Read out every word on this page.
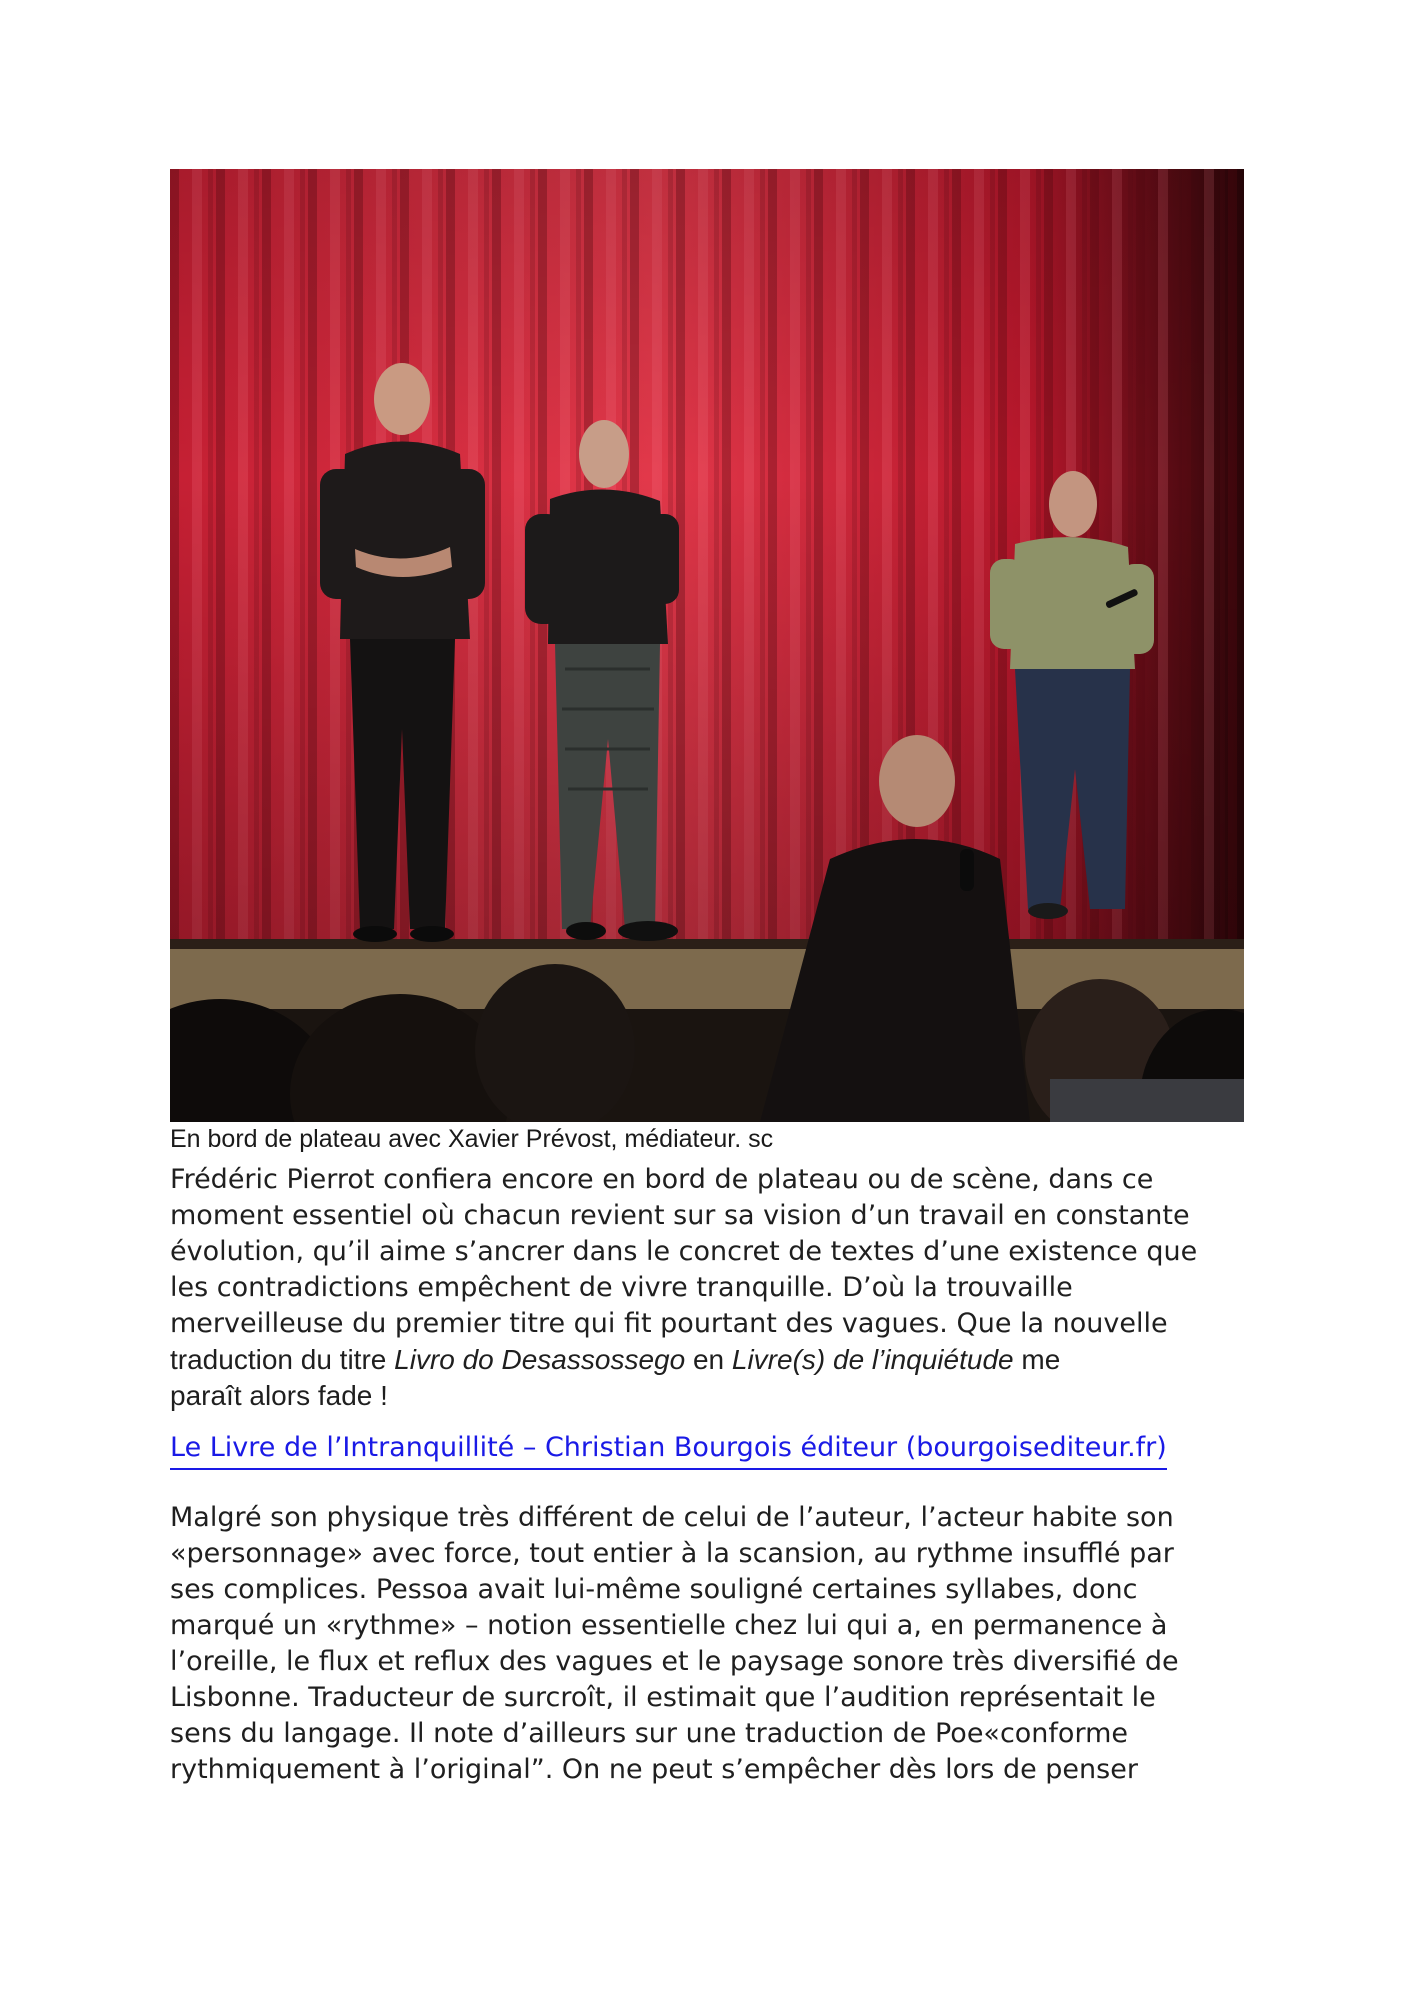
En bord de plateau avec Xavier Prévost, médiateur. sc
Frédéric Pierrot confiera encore en bord de plateau ou de scène, dans ce
moment essentiel où chacun revient sur sa vision d’un travail en constante
évolution, qu’il aime s’ancrer dans le concret de textes d’une existence que
les contradictions empêchent de vivre tranquille. D’où la trouvaille
merveilleuse du premier titre qui fit pourtant des vagues. Que la nouvelle
traduction du titre Livro do Desassossego en Livre(s) de l’inquiétude me
paraît alors fade !
Le Livre de l’Intranquillité – Christian Bourgois éditeur (bourgoisediteur.fr)
Malgré son physique très différent de celui de l’auteur, l’acteur habite son
«personnage» avec force, tout entier à la scansion, au rythme insufflé par
ses complices. Pessoa avait lui-même souligné certaines syllabes, donc
marqué un «rythme» – notion essentielle chez lui qui a, en permanence à
l’oreille, le flux et reflux des vagues et le paysage sonore très diversifié de
Lisbonne. Traducteur de surcroît, il estimait que l’audition représentait le
sens du langage. Il note d’ailleurs sur une traduction de Poe«conforme
rythmiquement à l’original”. On ne peut s’empêcher dès lors de penser
